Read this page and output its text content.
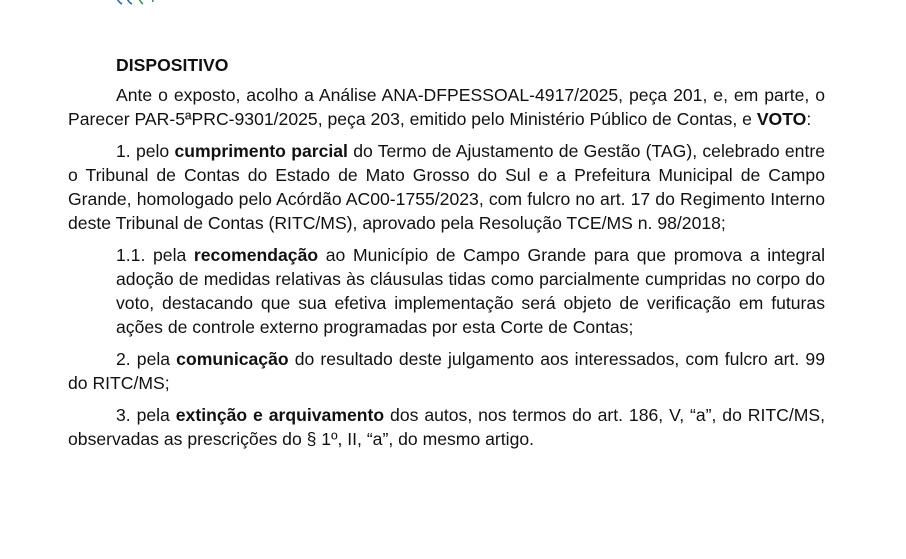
DISPOSITIVO

Ante o exposto, acolho a Análise ANA-DFPESSOAL-4917/2025, peça 201, e, em parte, o Parecer PAR-5ªPRC-9301/2025, peça 203, emitido pelo Ministério Público de Contas, e VOTO:

1. pelo cumprimento parcial do Termo de Ajustamento de Gestão (TAG), celebrado entre o Tribunal de Contas do Estado de Mato Grosso do Sul e a Prefeitura Municipal de Campo Grande, homologado pelo Acórdão AC00-1755/2023, com fulcro no art. 17 do Regimento Interno deste Tribunal de Contas (RITC/MS), aprovado pela Resolução TCE/MS n. 98/2018;

1.1. pela recomendação ao Município de Campo Grande para que promova a integral adoção de medidas relativas às cláusulas tidas como parcialmente cumpridas no corpo do voto, destacando que sua efetiva implementação será objeto de verificação em futuras ações de controle externo programadas por esta Corte de Contas;

2. pela comunicação do resultado deste julgamento aos interessados, com fulcro art. 99 do RITC/MS;

3. pela extinção e arquivamento dos autos, nos termos do art. 186, V, “a”, do RITC/MS, observadas as prescrições do § 1º, II, “a”, do mesmo artigo.
